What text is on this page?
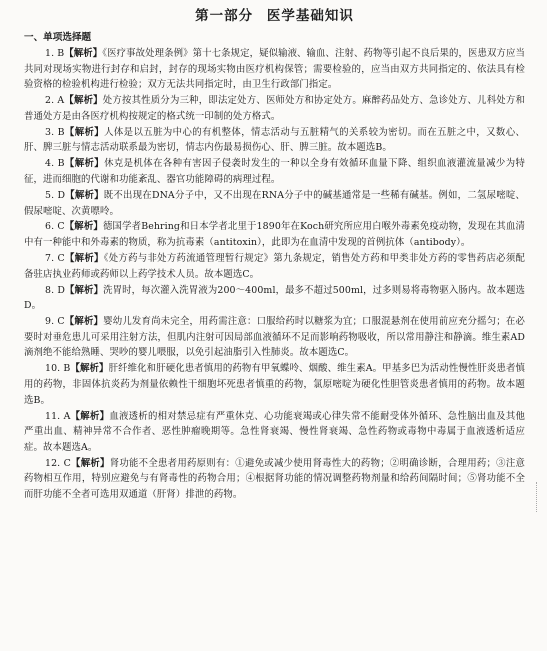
第一部分 医学基础知识
一、单项选择题

1. B【解析】《医疗事故处理条例》第十七条规定，疑似输液、输血、注射、药物等引起不良后果的，医患双方应当共同对现场实物进行封存和启封，封存的现场实物由医疗机构保管；需要检验的，应当由双方共同指定的、依法具有检验资格的检验机构进行检验；双方无法共同指定时，由卫生行政部门指定。

2. A【解析】处方按其性质分为三种，即法定处方、医师处方和协定处方。麻醉药品处方、急诊处方、儿科处方和普通处方是由各医疗机构按规定的格式统一印制的处方格式。

3. B【解析】人体是以五脏为中心的有机整体，情志活动与五脏精气的关系较为密切。而在五脏之中，又数心、肝、脾三脏与情志活动联系最为密切，情志内伤最易损伤心、肝、脾三脏。故本题选B。

4. B【解析】休克是机体在各种有害因子侵袭时发生的一种以全身有效循环血量下降、组织血液灌流量减少为特征，进而细胞的代谢和功能紊乱、器官功能障碍的病理过程。

5. D【解析】既不出现在DNA分子中，又不出现在RNA分子中的碱基通常是一些稀有碱基。例如，二氢尿嘧啶、假尿嘧啶、次黄嘌呤。

6. C【解析】德国学者Behring和日本学者北里于1890年在Koch研究所应用白喉外毒素免疫动物，发现在其血清中有一种能中和外毒素的物质，称为抗毒素（antitoxin），此即为在血清中发现的首例抗体（antibody）。

7. C【解析】《处方药与非处方药流通管理暂行规定》第九条规定，销售处方药和甲类非处方药的零售药店必须配备驻店执业药师或药师以上药学技术人员。故本题选C。

8. D【解析】洗胃时，每次灌入洗胃液为200～400ml，最多不超过500ml，过多则易将毒物驱入肠内。故本题选D。

9. C【解析】婴幼儿发育尚未完全，用药需注意：口服给药时以糖浆为宜；口服混悬剂在使用前应充分摇匀；在必要时对垂危患儿可采用注射方法，但肌内注射可因局部血液循环不足而影响药物吸收，所以常用静注和静滴。维生素AD滴剂绝不能给熟睡、哭吵的婴儿喂服，以免引起油脂引入性肺炎。故本题选C。

10. B【解析】肝纤维化和肝硬化患者慎用的药物有甲氧蝶呤、烟酸、维生素A。甲基多巴为活动性慢性肝炎患者慎用的药物，非固体抗炎药为剂量依赖性干细胞坏死患者慎重的药物，氯原嘧啶为硬化性胆管炎患者慎用的药物。故本题选B。

11. A【解析】血液透析的相对禁忌症有严重休克、心功能衰竭或心律失常不能耐受体外循环、急性脑出血及其他严重出血、精神异常不合作者、恶性肿瘤晚期等。急性肾衰竭、慢性肾衰竭、急性药物或毒物中毒属于血液透析适应症。故本题选A。

12. C【解析】肾功能不全患者用药原则有：①避免或减少使用肾毒性大的药物；②明确诊断，合理用药；③注意药物相互作用，特别应避免与有肾毒性的药物合用；④根据肾功能的情况调整药物剂量和给药间隔时间；⑤肾功能不全而肝功能不全者可选用双通道（肝肾）排泄的药物。
